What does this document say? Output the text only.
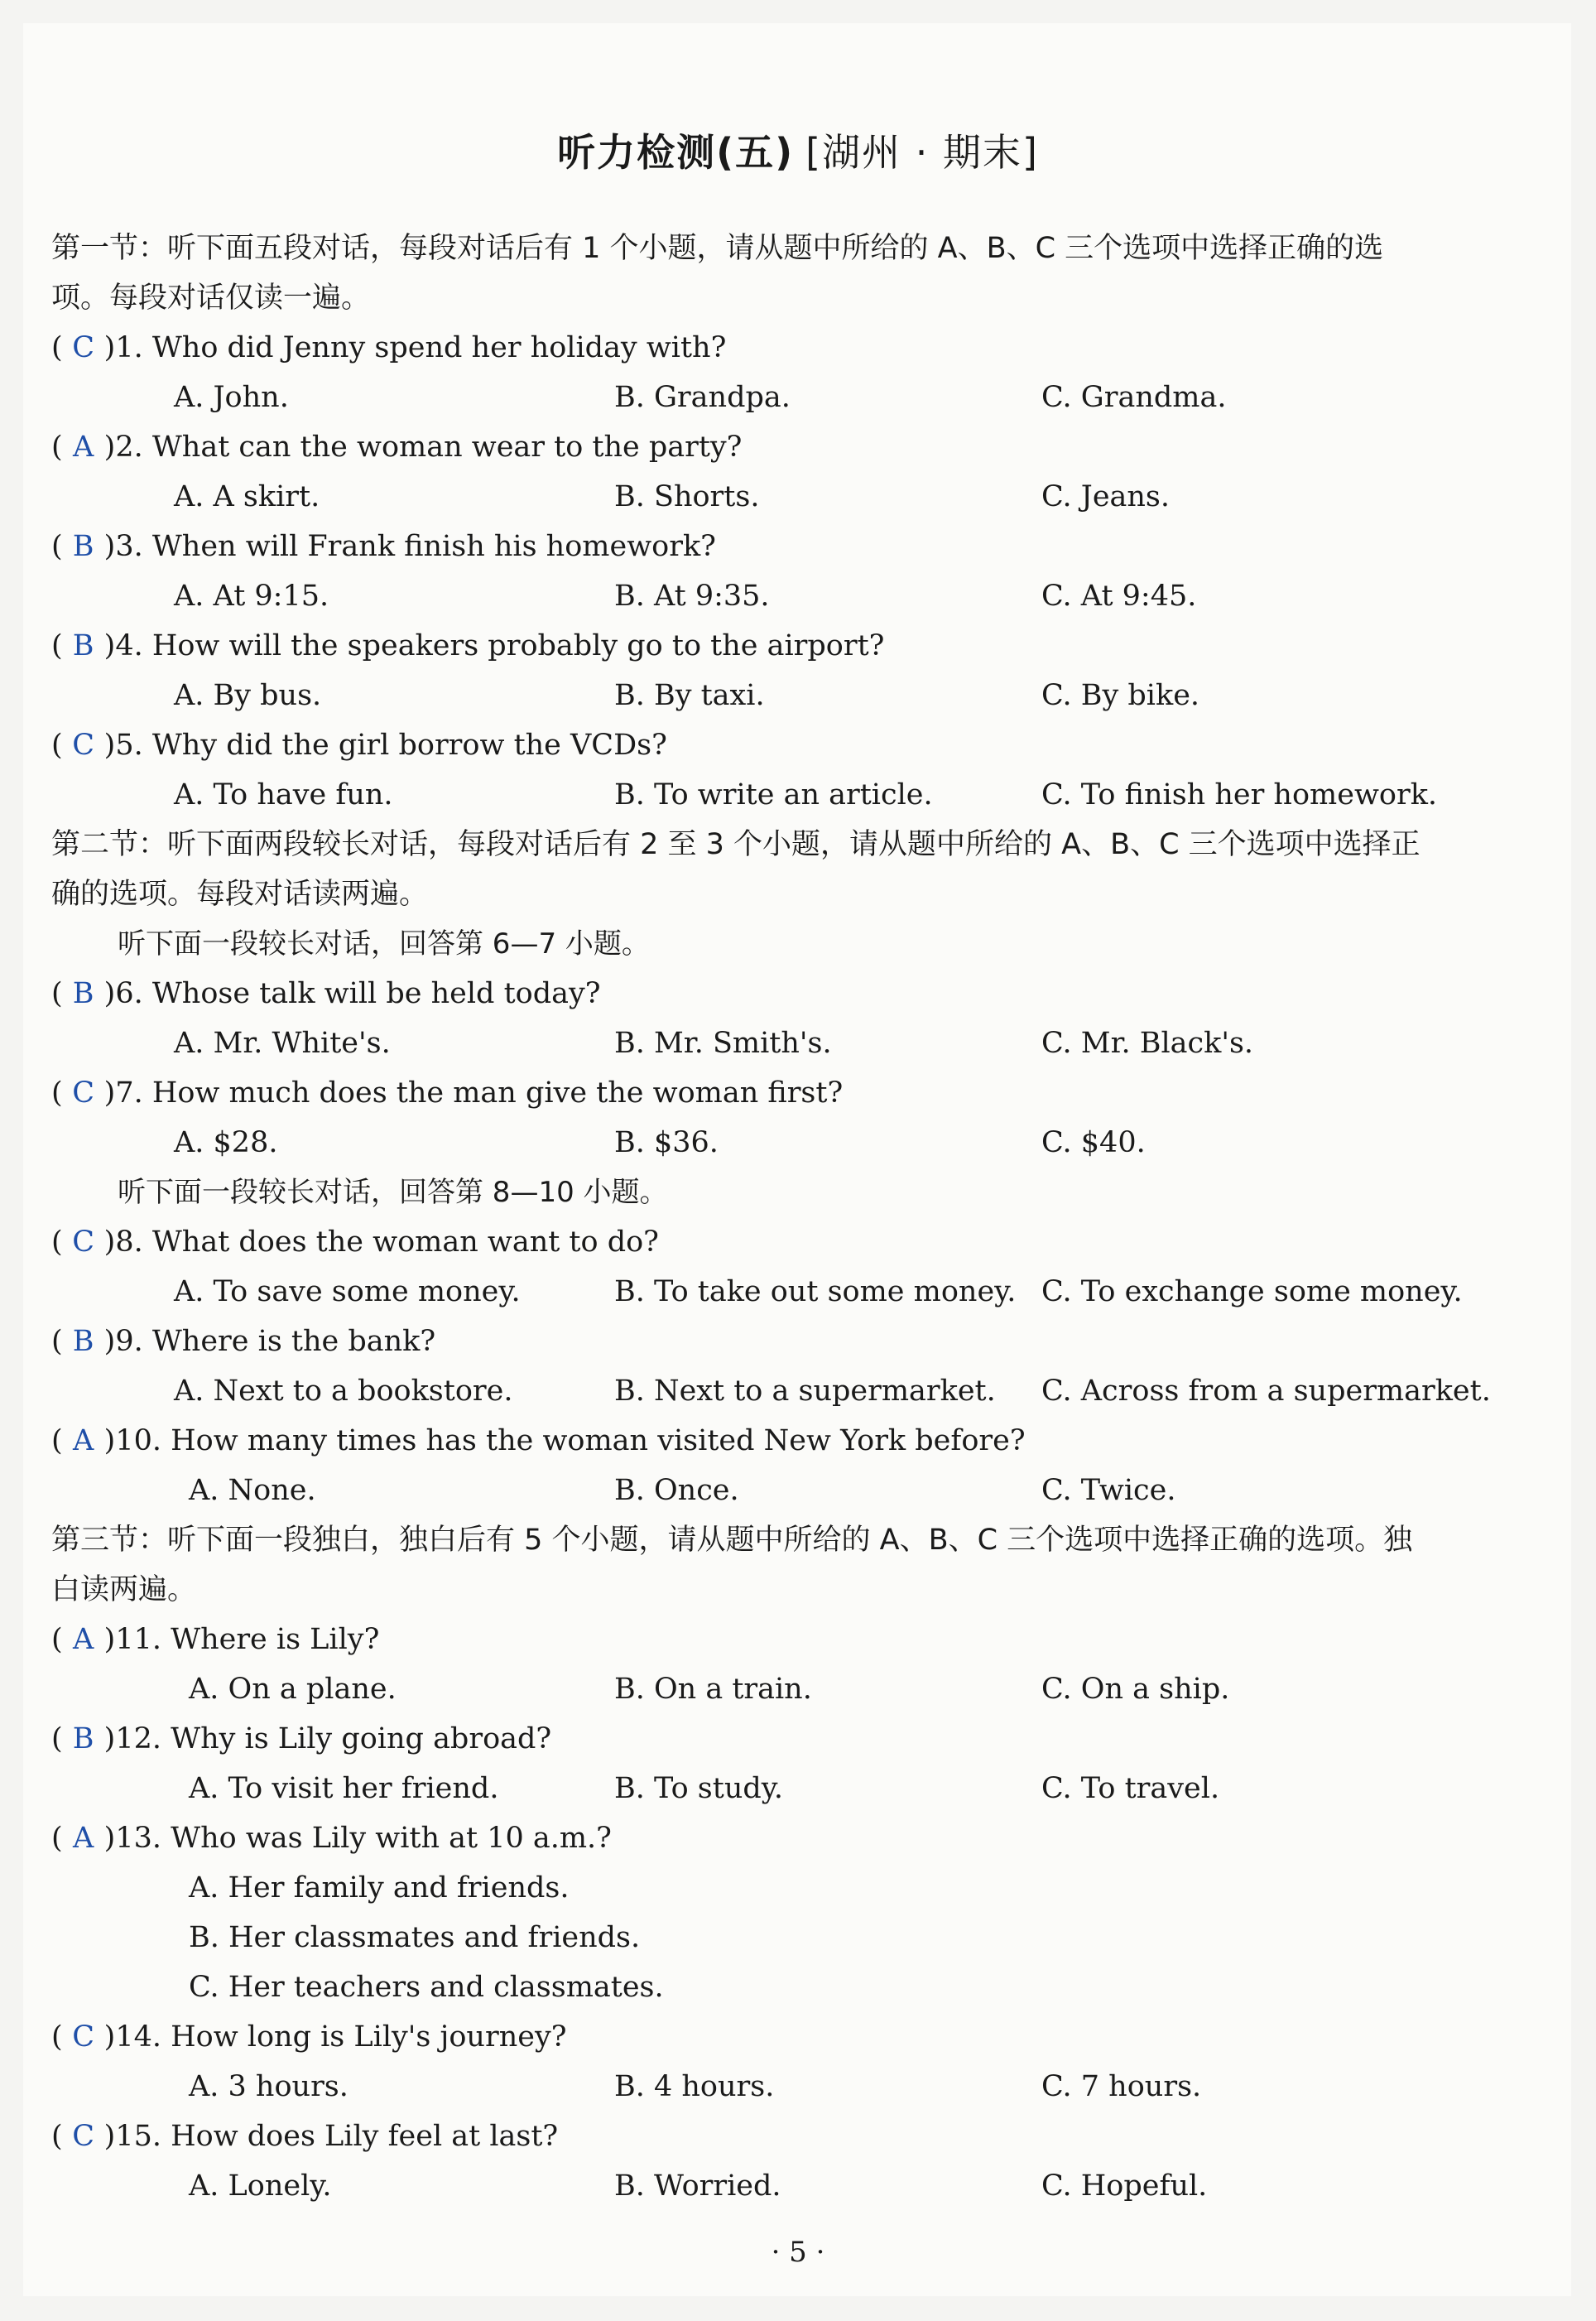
听力检测(五) [湖州 · 期末]
第一节：听下面五段对话，每段对话后有 1 个小题，请从题中所给的 A、B、C 三个选项中选择正确的选
项。每段对话仅读一遍。
( C )1. Who did Jenny spend her holiday with?
A. John.	B. Grandpa.	C. Grandma.
( A )2. What can the woman wear to the party?
A. A skirt.	B. Shorts.	C. Jeans.
( B )3. When will Frank finish his homework?
A. At 9:15.	B. At 9:35.	C. At 9:45.
( B )4. How will the speakers probably go to the airport?
A. By bus.	B. By taxi.	C. By bike.
( C )5. Why did the girl borrow the VCDs?
A. To have fun.	B. To write an article.	C. To finish her homework.
第二节：听下面两段较长对话，每段对话后有 2 至 3 个小题，请从题中所给的 A、B、C 三个选项中选择正
确的选项。每段对话读两遍。
听下面一段较长对话，回答第 6—7 小题。
( B )6. Whose talk will be held today?
A. Mr. White's.	B. Mr. Smith's.	C. Mr. Black's.
( C )7. How much does the man give the woman first?
A. $28.	B. $36.	C. $40.
听下面一段较长对话，回答第 8—10 小题。
( C )8. What does the woman want to do?
A. To save some money.	B. To take out some money. C. To exchange some money.
( B )9. Where is the bank?
A. Next to a bookstore.	B. Next to a supermarket. C. Across from a supermarket.
( A )10. How many times has the woman visited New York before?
A. None.	B. Once.	C. Twice.
第三节：听下面一段独白，独白后有 5 个小题，请从题中所给的 A、B、C 三个选项中选择正确的选项。独
白读两遍。
( A )11. Where is Lily?
A. On a plane.	B. On a train.	C. On a ship.
( B )12. Why is Lily going abroad?
A. To visit her friend.	B. To study.	C. To travel.
( A )13. Who was Lily with at 10 a.m.?
A. Her family and friends.
B. Her classmates and friends.
C. Her teachers and classmates.
( C )14. How long is Lily's journey?
A. 3 hours.	B. 4 hours.	C. 7 hours.
( C )15. How does Lily feel at last?
A. Lonely.	B. Worried.	C. Hopeful.
· 5 ·
